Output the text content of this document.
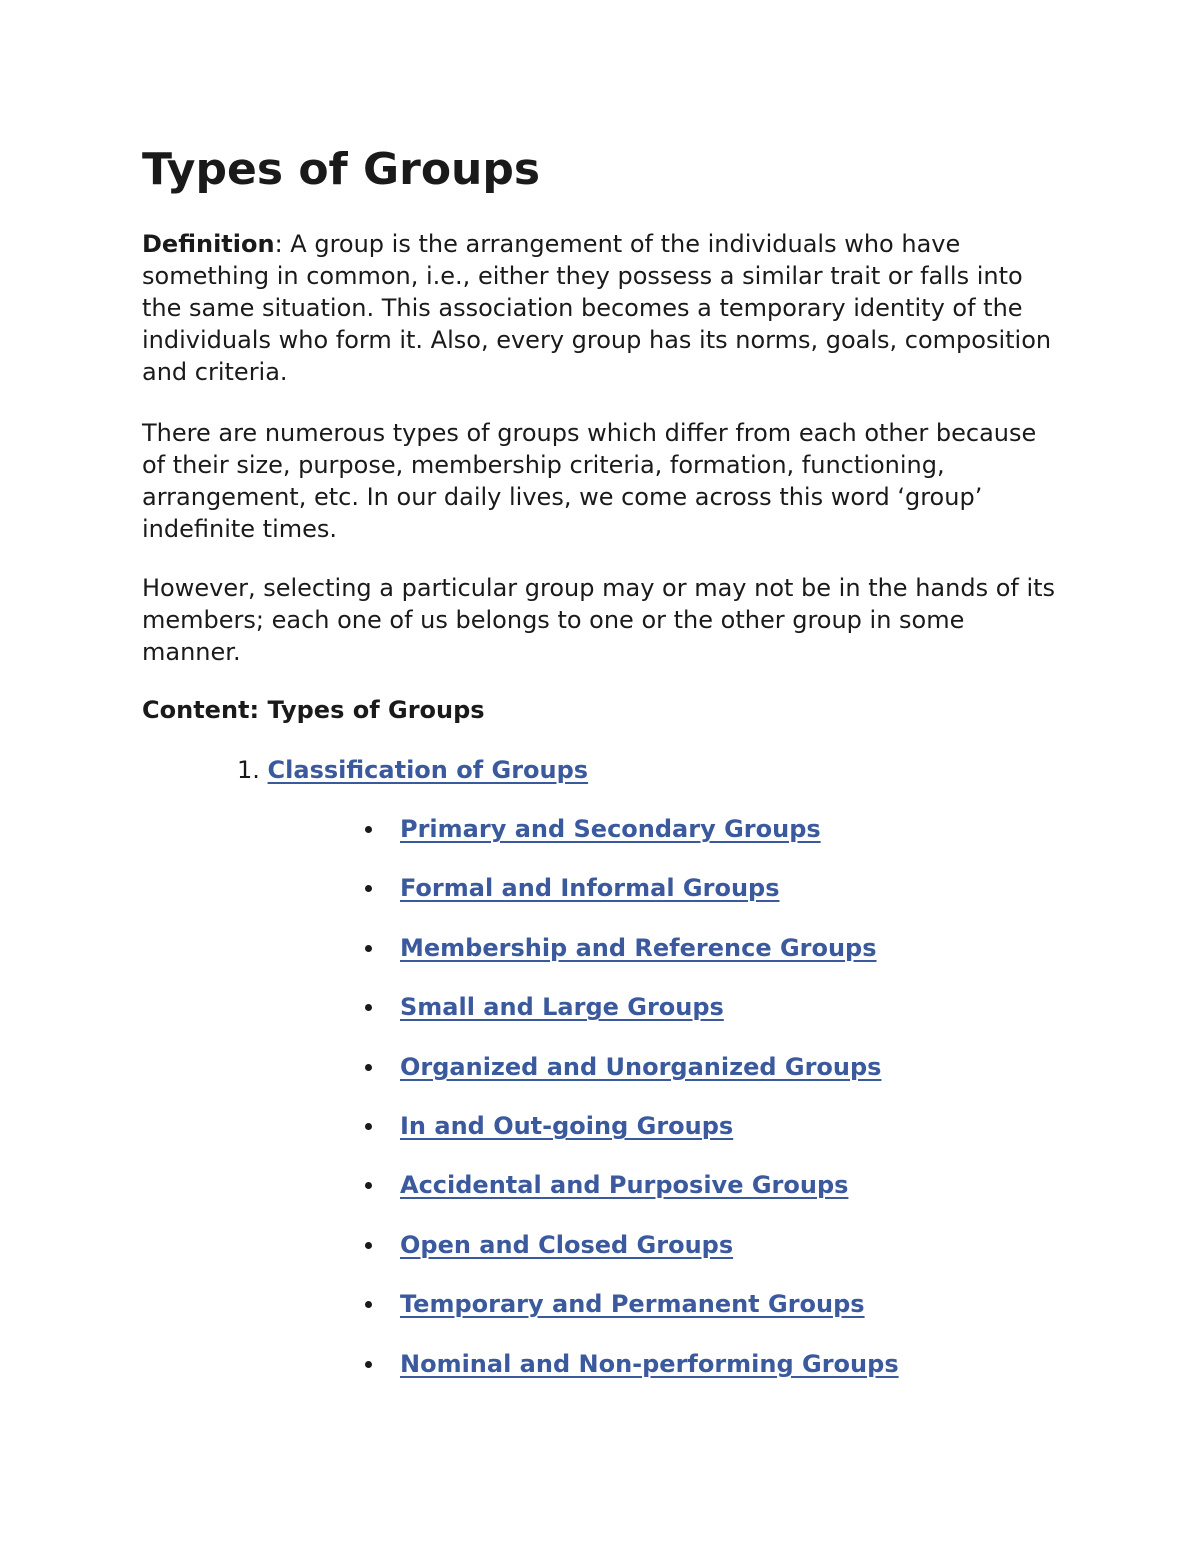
Types of Groups

Definition: A group is the arrangement of the individuals who have something in common, i.e., either they possess a similar trait or falls into the same situation. This association becomes a temporary identity of the individuals who form it. Also, every group has its norms, goals, composition and criteria.

There are numerous types of groups which differ from each other because of their size, purpose, membership criteria, formation, functioning, arrangement, etc. In our daily lives, we come across this word ‘group’ indefinite times.

However, selecting a particular group may or may not be in the hands of its members; each one of us belongs to one or the other group in some manner.

Content: Types of Groups

1. Classification of Groups
Primary and Secondary Groups
Formal and Informal Groups
Membership and Reference Groups
Small and Large Groups
Organized and Unorganized Groups
In and Out-going Groups
Accidental and Purposive Groups
Open and Closed Groups
Temporary and Permanent Groups
Nominal and Non-performing Groups
